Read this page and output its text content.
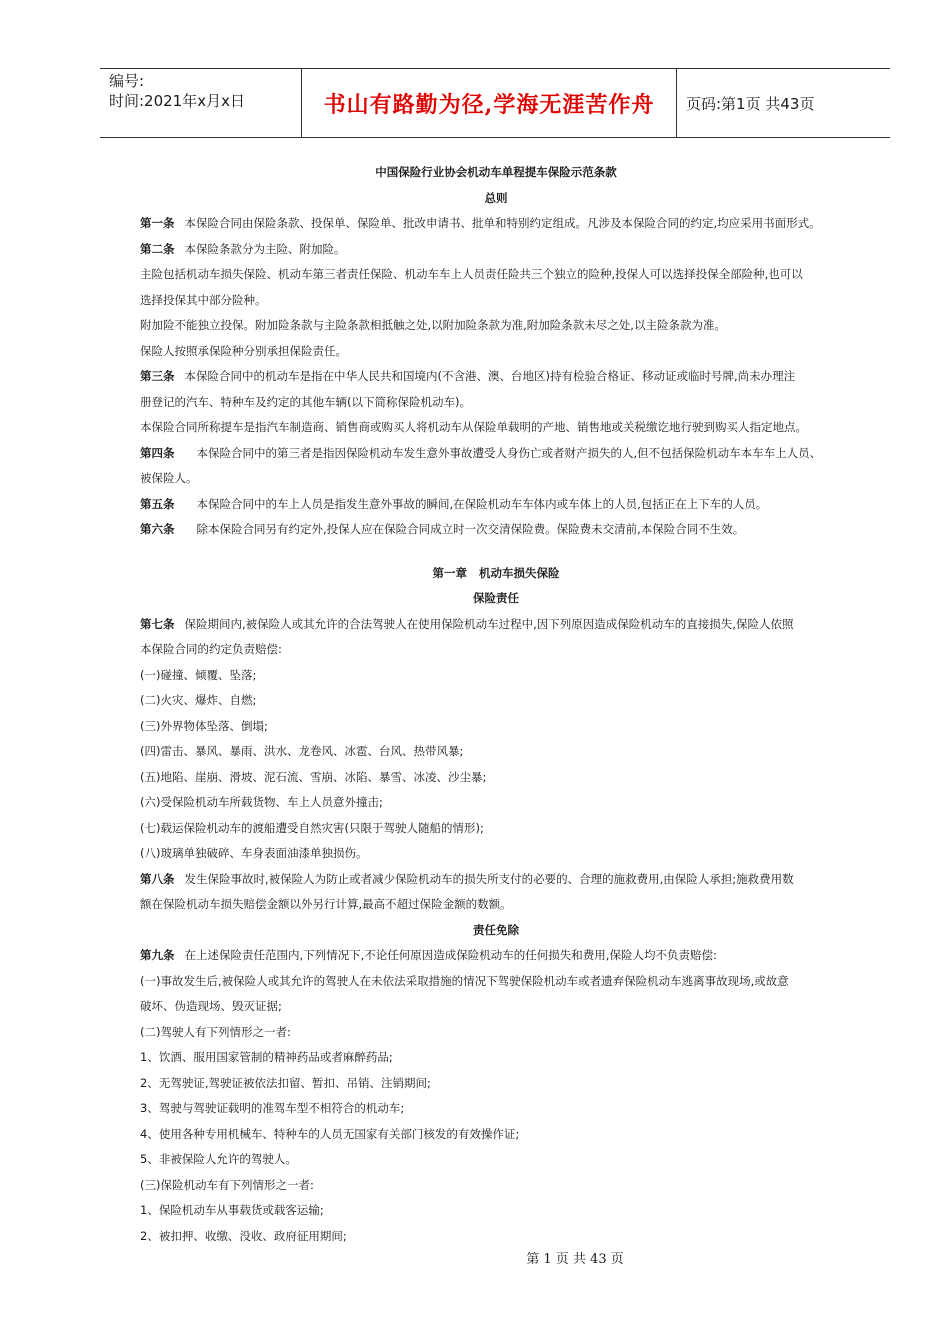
编号:
时间:2021年x月x日	书山有路勤为径,学海无涯苦作舟	页码:第1页 共43页
中国保险行业协会机动车单程提车保险示范条款
总则
第一条 本保险合同由保险条款、投保单、保险单、批改申请书、批单和特别约定组成。凡涉及本保险合同的约定,均应采用书面形式。
第二条 本保险条款分为主险、附加险。
主险包括机动车损失保险、机动车第三者责任保险、机动车车上人员责任险共三个独立的险种,投保人可以选择投保全部险种,也可以
选择投保其中部分险种。
附加险不能独立投保。附加险条款与主险条款相抵触之处,以附加险条款为准,附加险条款未尽之处,以主险条款为准。
保险人按照承保险种分别承担保险责任。
第三条 本保险合同中的机动车是指在中华人民共和国境内(不含港、澳、台地区)持有检验合格证、移动证或临时号牌,尚未办理注
册登记的汽车、特种车及约定的其他车辆(以下简称保险机动车)。
本保险合同所称提车是指汽车制造商、销售商或购买人将机动车从保险单载明的产地、销售地或关税缴讫地行驶到购买人指定地点。
第四条 本保险合同中的第三者是指因保险机动车发生意外事故遭受人身伤亡或者财产损失的人,但不包括保险机动车本车车上人员、
被保险人。
第五条 本保险合同中的车上人员是指发生意外事故的瞬间,在保险机动车车体内或车体上的人员,包括正在上下车的人员。
第六条 除本保险合同另有约定外,投保人应在保险合同成立时一次交清保险费。保险费未交清前,本保险合同不生效。
第一章   机动车损失保险
保险责任
第七条 保险期间内,被保险人或其允许的合法驾驶人在使用保险机动车过程中,因下列原因造成保险机动车的直接损失,保险人依照
本保险合同的约定负责赔偿:
(一)碰撞、倾覆、坠落;
(二)火灾、爆炸、自燃;
(三)外界物体坠落、倒塌;
(四)雷击、暴风、暴雨、洪水、龙卷风、冰雹、台风、热带风暴;
(五)地陷、崖崩、滑坡、泥石流、雪崩、冰陷、暴雪、冰凌、沙尘暴;
(六)受保险机动车所载货物、车上人员意外撞击;
(七)载运保险机动车的渡船遭受自然灾害(只限于驾驶人随船的情形);
(八)玻璃单独破碎、车身表面油漆单独损伤。
第八条 发生保险事故时,被保险人为防止或者减少保险机动车的损失所支付的必要的、合理的施救费用,由保险人承担;施救费用数
额在保险机动车损失赔偿金额以外另行计算,最高不超过保险金额的数额。
责任免除
第九条 在上述保险责任范围内,下列情况下,不论任何原因造成保险机动车的任何损失和费用,保险人均不负责赔偿:
(一)事故发生后,被保险人或其允许的驾驶人在未依法采取措施的情况下驾驶保险机动车或者遗弃保险机动车逃离事故现场,或故意
破坏、伪造现场、毁灭证据;
(二)驾驶人有下列情形之一者:
1、饮酒、服用国家管制的精神药品或者麻醉药品;
2、无驾驶证,驾驶证被依法扣留、暂扣、吊销、注销期间;
3、驾驶与驾驶证载明的准驾车型不相符合的机动车;
4、使用各种专用机械车、特种车的人员无国家有关部门核发的有效操作证;
5、非被保险人允许的驾驶人。
(三)保险机动车有下列情形之一者:
1、保险机动车从事载货或载客运输;
2、被扣押、收缴、没收、政府征用期间;
第 1 页 共 43 页
